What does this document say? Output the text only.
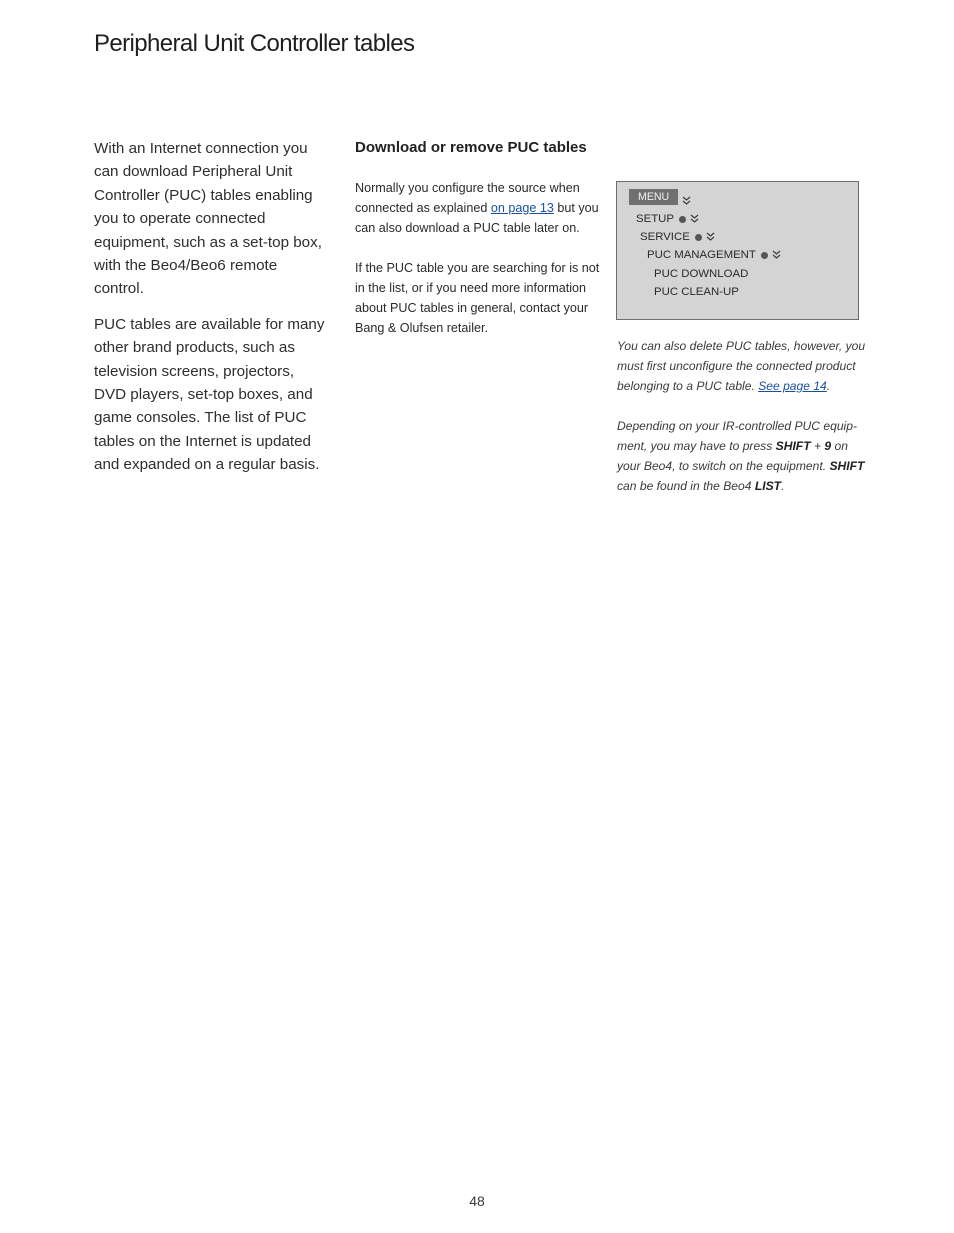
Peripheral Unit Controller tables

With an Internet connection you can download Peripheral Unit Controller (PUC) tables enabling you to operate connected equipment, such as a set-top box, with the Beo4/Beo6 remote control.

PUC tables are available for many other brand products, such as television screens, projectors, DVD players, set-top boxes, and game consoles. The list of PUC tables on the Internet is updated and expanded on a regular basis.

Download or remove PUC tables

Normally you configure the source when connected as explained on page 13 but you can also download a PUC table later on.

If the PUC table you are searching for is not in the list, or if you need more information about PUC tables in general, contact your Bang & Olufsen retailer.

MENU
SETUP
SERVICE
PUC MANAGEMENT
PUC DOWNLOAD
PUC CLEAN-UP

You can also delete PUC tables, however, you must first unconfigure the connected product belonging to a PUC table. See page 14.

Depending on your IR-controlled PUC equip-ment, you may have to press SHIFT + 9 on your Beo4, to switch on the equipment. SHIFT can be found in the Beo4 LIST.

48
